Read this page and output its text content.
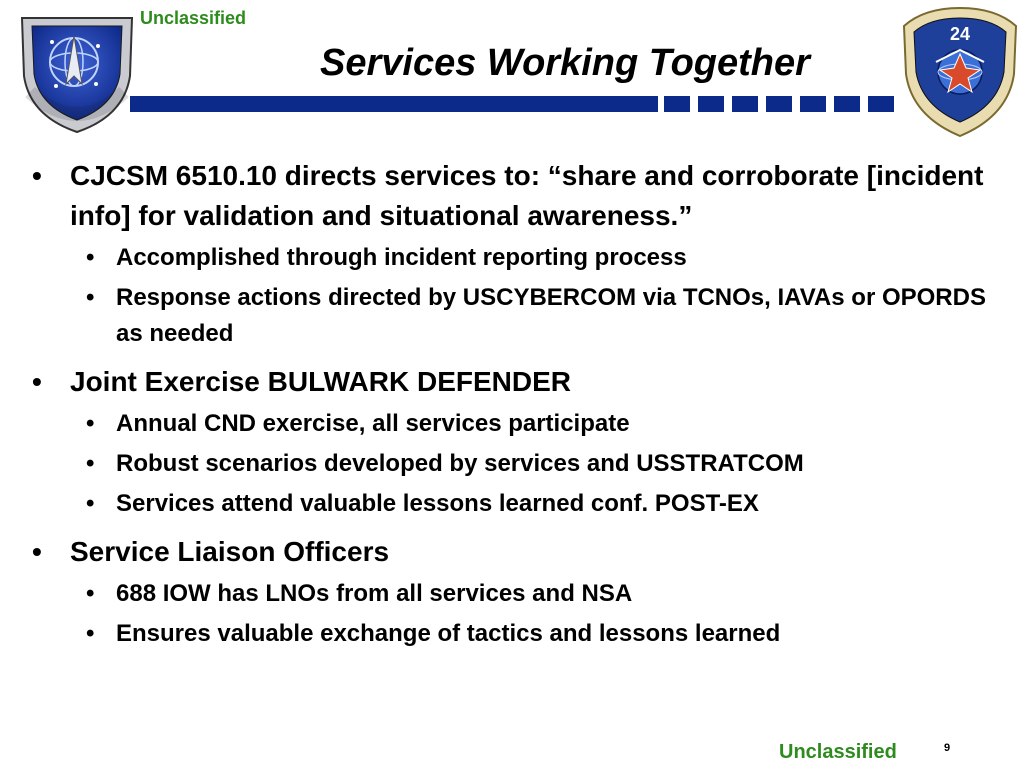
Unclassified
Services Working Together
24
• CJCSM 6510.10 directs services to: “share and corroborate [incident info] for validation and situational awareness.”
• Accomplished through incident reporting process
• Response actions directed by USCYBERCOM via TCNOs, IAVAs or OPORDS as needed
• Joint Exercise BULWARK DEFENDER
• Annual CND exercise, all services participate
• Robust scenarios developed by services and USSTRATCOM
• Services attend valuable lessons learned conf. POST-EX
• Service Liaison Officers
• 688 IOW has LNOs from all services and NSA
• Ensures valuable exchange of tactics and lessons learned
Unclassified	9
